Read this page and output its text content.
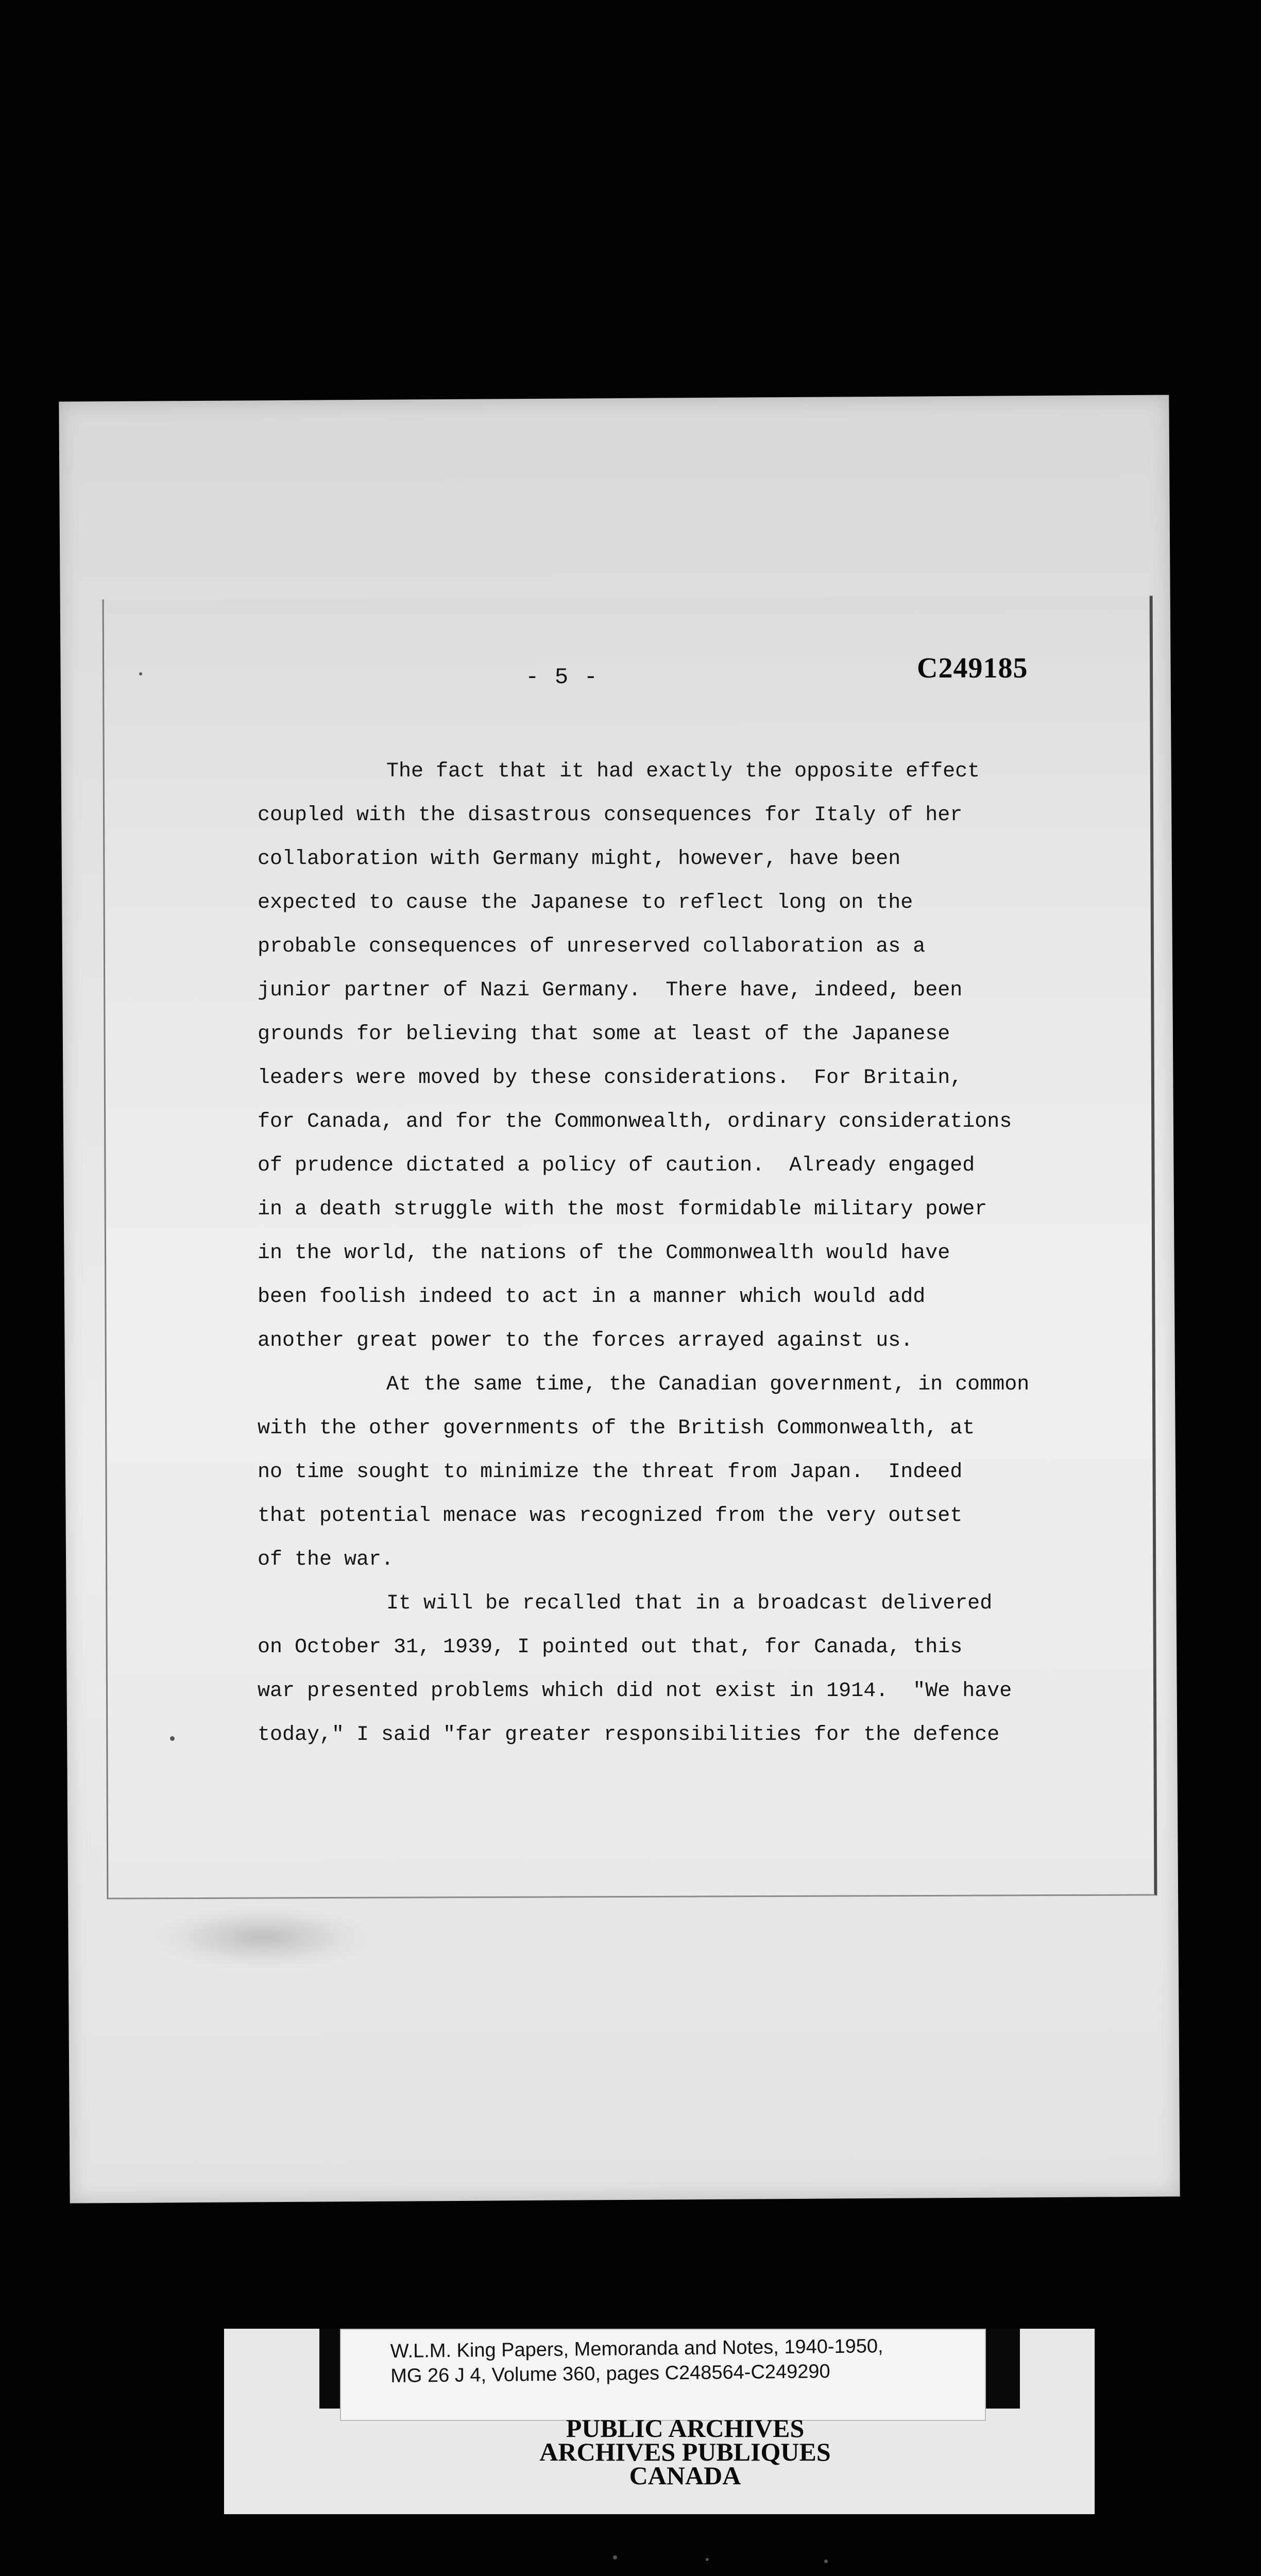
- 5 -	C249185
The fact that it had exactly the opposite effect
coupled with the disastrous consequences for Italy of her
collaboration with Germany might, however, have been
expected to cause the Japanese to reflect long on the
probable consequences of unreserved collaboration as a
junior partner of Nazi Germany.  There have, indeed, been
grounds for believing that some at least of the Japanese
leaders were moved by these considerations.  For Britain,
for Canada, and for the Commonwealth, ordinary considerations
of prudence dictated a policy of caution.  Already engaged
in a death struggle with the most formidable military power
in the world, the nations of the Commonwealth would have
been foolish indeed to act in a manner which would add
another great power to the forces arrayed against us.
At the same time, the Canadian government, in common
with the other governments of the British Commonwealth, at
no time sought to minimize the threat from Japan.  Indeed
that potential menace was recognized from the very outset
of the war.
It will be recalled that in a broadcast delivered
on October 31, 1939, I pointed out that, for Canada, this
war presented problems which did not exist in 1914.  "We have
today," I said "far greater responsibilities for the defence
W.L.M. King Papers, Memoranda and Notes, 1940-1950,
MG 26 J 4, Volume 360, pages C248564-C249290
PUBLIC ARCHIVES
ARCHIVES PUBLIQUES
CANADA
